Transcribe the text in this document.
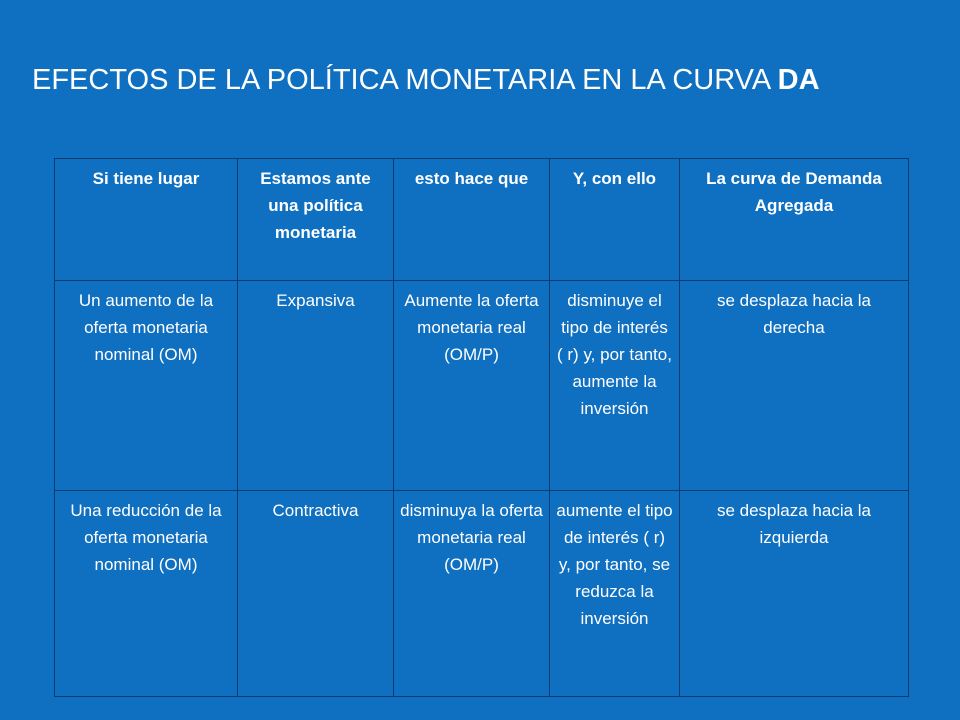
EFECTOS DE LA POLÍTICA MONETARIA EN LA CURVA DA
Si tiene lugar	Estamos ante una política monetaria	esto hace que	Y, con ello	La curva de Demanda Agregada
Un aumento de la oferta monetaria nominal (OM)	Expansiva	Aumente la oferta monetaria real (OM/P)	disminuye el tipo de interés ( r) y, por tanto, aumente la inversión	se desplaza hacia la derecha
Una reducción de la oferta monetaria nominal (OM)	Contractiva	disminuya la oferta monetaria real (OM/P)	aumente el tipo de interés ( r) y, por tanto, se reduzca la inversión	se desplaza hacia la izquierda
